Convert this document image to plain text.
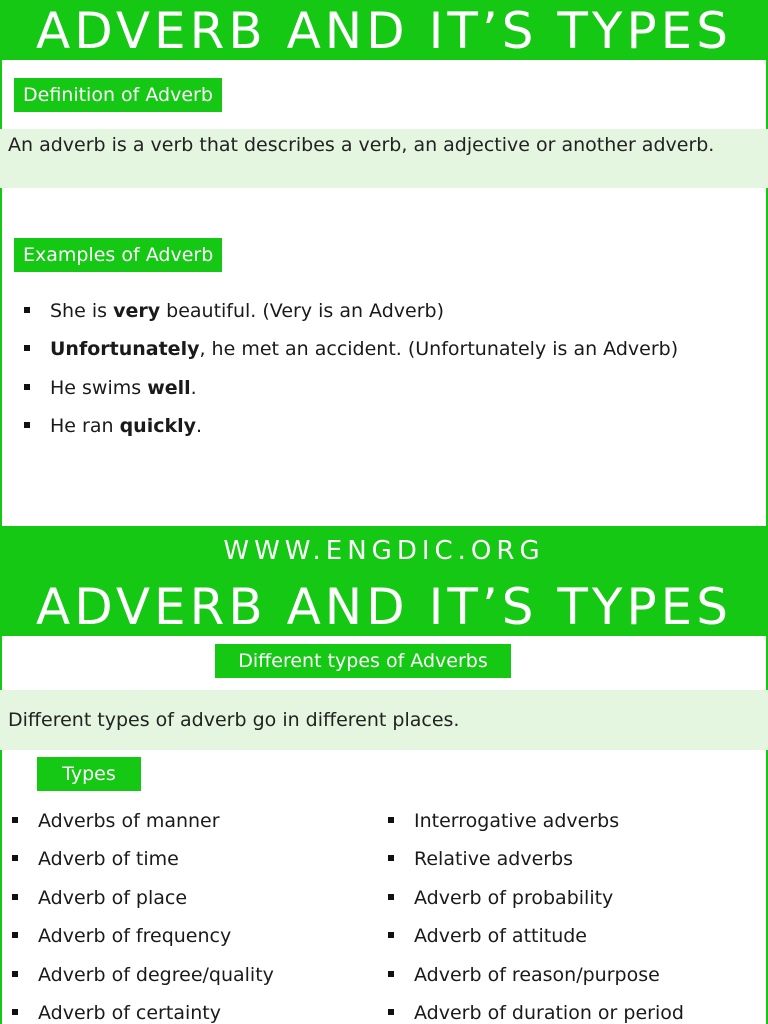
ADVERB AND IT’S TYPES
Definition of Adverb
An adverb is a verb that describes a verb, an adjective or another adverb.
Examples of Adverb
She is very beautiful. (Very is an Adverb)
Unfortunately, he met an accident. (Unfortunately is an Adverb)
He swims well.
He ran quickly.
WWW.ENGDIC.ORG
ADVERB AND IT’S TYPES
Different types of Adverbs
Different types of adverb go in different places.
Types
Adverbs of manner
Adverb of time
Adverb of place
Adverb of frequency
Adverb of degree/quality
Adverb of certainty
Interrogative adverbs
Relative adverbs
Adverb of probability
Adverb of attitude
Adverb of reason/purpose
Adverb of duration or period
